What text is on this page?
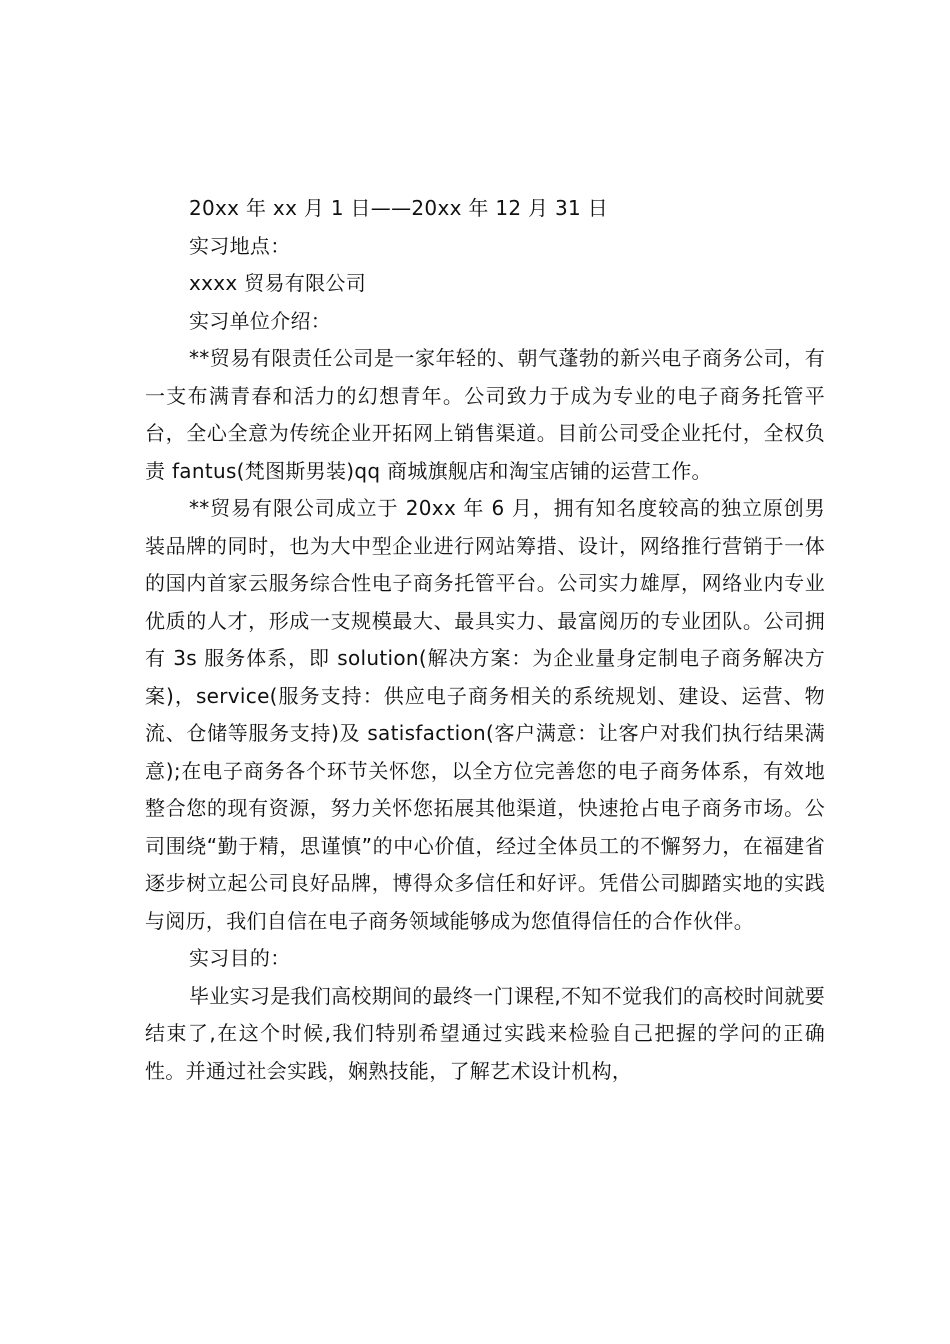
20xx 年 xx 月 1 日——20xx 年 12 月 31 日

实习地点：

xxxx 贸易有限公司

实习单位介绍：

**贸易有限责任公司是一家年轻的、朝气蓬勃的新兴电子商务公司，有一支布满青春和活力的幻想青年。公司致力于成为专业的电子商务托管平台，全心全意为传统企业开拓网上销售渠道。目前公司受企业托付，全权负责 fantus(梵图斯男装)qq 商城旗舰店和淘宝店铺的运营工作。

**贸易有限公司成立于 20xx 年 6 月，拥有知名度较高的独立原创男装品牌的同时，也为大中型企业进行网站筹措、设计，网络推行营销于一体的国内首家云服务综合性电子商务托管平台。公司实力雄厚，网络业内专业优质的人才，形成一支规模最大、最具实力、最富阅历的专业团队。公司拥有 3s 服务体系，即 solution(解决方案：为企业量身定制电子商务解决方案)，service(服务支持：供应电子商务相关的系统规划、建设、运营、物流、仓储等服务支持)及 satisfaction(客户满意：让客户对我们执行结果满意);在电子商务各个环节关怀您，以全方位完善您的电子商务体系，有效地整合您的现有资源，努力关怀您拓展其他渠道，快速抢占电子商务市场。公司围绕“勤于精，思谨慎”的中心价值，经过全体员工的不懈努力，在福建省逐步树立起公司良好品牌，博得众多信任和好评。凭借公司脚踏实地的实践与阅历，我们自信在电子商务领域能够成为您值得信任的合作伙伴。

实习目的：

毕业实习是我们高校期间的最终一门课程,不知不觉我们的高校时间就要结束了,在这个时候,我们特别希望通过实践来检验自己把握的学问的正确性。并通过社会实践，娴熟技能，了解艺术设计机构，
